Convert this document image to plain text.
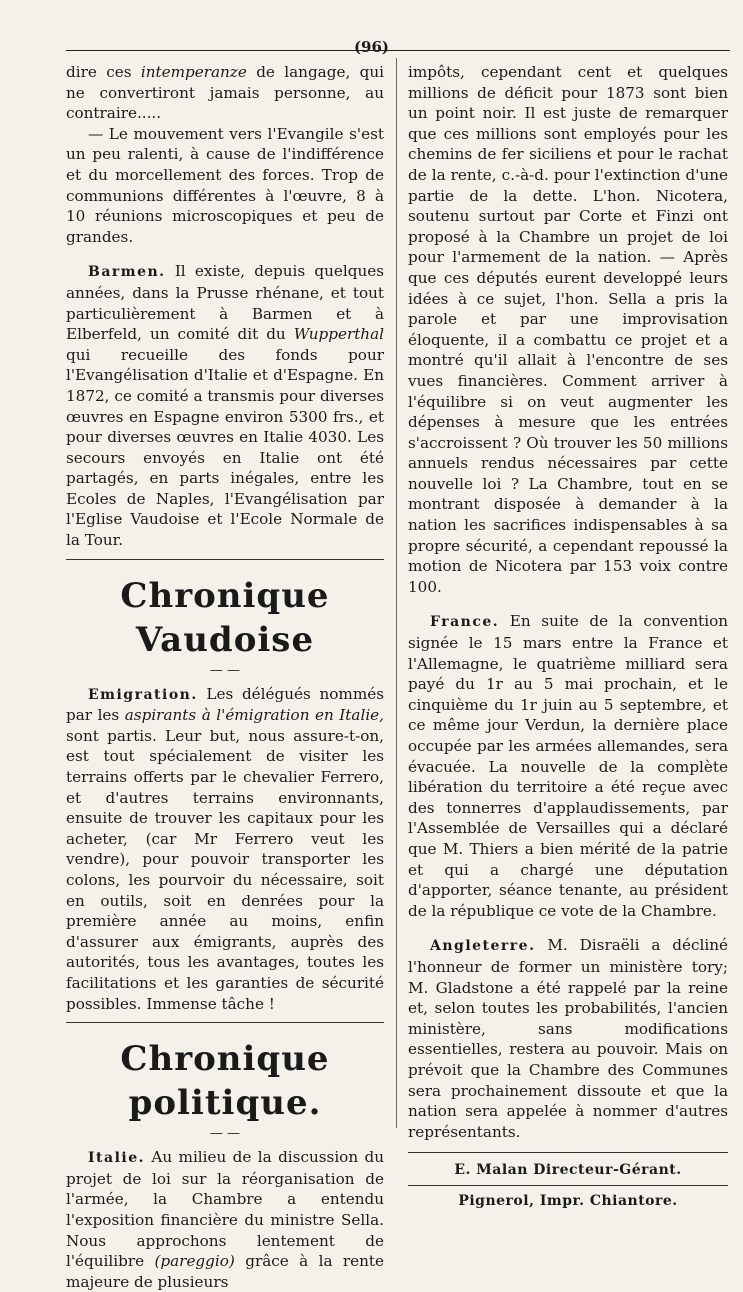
(96)

dire ces intemperanze de langage, qui ne convertiront jamais personne, au contraire.....

— Le mouvement vers l'Evangile s'est un peu ralenti, à cause de l'indifférence et du morcellement des forces. Trop de communions différentes à l'œuvre, 8 à 10 réunions microscopiques et peu de grandes.

Barmen. Il existe, depuis quelques années, dans la Prusse rhénane, et tout particulièrement à Barmen et à Elberfeld, un comité dit du Wupperthal qui recueille des fonds pour l'Evangélisation d'Italie et d'Espagne. En 1872, ce comité a transmis pour diverses œuvres en Espagne environ 5300 frs., et pour diverses œuvres en Italie 4030. Les secours envoyés en Italie ont été partagés, en parts inégales, entre les Ecoles de Naples, l'Evangélisation par l'Eglise Vaudoise et l'Ecole Normale de la Tour.

Chronique Vaudoise
— —

Emigration. Les délégués nommés par les aspirants à l'émigration en Italie, sont partis. Leur but, nous assure-t-on, est tout spécialement de visiter les terrains offerts par le chevalier Ferrero, et d'autres terrains environnants, ensuite de trouver les capitaux pour les acheter, (car Mr Ferrero veut les vendre), pour pouvoir transporter les colons, les pourvoir du nécessaire, soit en outils, soit en denrées pour la première année au moins, enfin d'assurer aux émigrants, auprès des autorités, tous les avantages, toutes les facilitations et les garanties de sécurité possibles. Immense tâche !

Chronique politique.
— —

Italie. Au milieu de la discussion du projet de loi sur la réorganisation de l'armée, la Chambre a entendu l'exposition financière du ministre Sella. Nous approchons lentement de l'équilibre (pareggio) grâce à la rente majeure de plusieurs

impôts, cependant cent et quelques millions de déficit pour 1873 sont bien un point noir. Il est juste de remarquer que ces millions sont employés pour les chemins de fer siciliens et pour le rachat de la rente, c.-à-d. pour l'extinction d'une partie de la dette. L'hon. Nicotera, soutenu surtout par Corte et Finzi ont proposé à la Chambre un projet de loi pour l'armement de la nation. — Après que ces députés eurent developpé leurs idées à ce sujet, l'hon. Sella a pris la parole et par une improvisation éloquente, il a combattu ce projet et a montré qu'il allait à l'encontre de ses vues financières. Comment arriver à l'équilibre si on veut augmenter les dépenses à mesure que les entrées s'accroissent ? Où trouver les 50 millions annuels rendus nécessaires par cette nouvelle loi ? La Chambre, tout en se montrant disposée à demander à la nation les sacrifices indispensables à sa propre sécurité, a cependant repoussé la motion de Nicotera par 153 voix contre 100.

France. En suite de la convention signée le 15 mars entre la France et l'Allemagne, le quatrième milliard sera payé du 1r au 5 mai prochain, et le cinquième du 1r juin au 5 septembre, et ce même jour Verdun, la dernière place occupée par les armées allemandes, sera évacuée. La nouvelle de la complète libération du territoire a été reçue avec des tonnerres d'applaudissements, par l'Assemblée de Versailles qui a déclaré que M. Thiers a bien mérité de la patrie et qui a chargé une députation d'apporter, séance tenante, au président de la république ce vote de la Chambre.

Angleterre. M. Disraëli a décliné l'honneur de former un ministère tory; M. Gladstone a été rappelé par la reine et, selon toutes les probabilités, l'ancien ministère, sans modifications essentielles, restera au pouvoir. Mais on prévoit que la Chambre des Communes sera prochainement dissoute et que la nation sera appelée à nommer d'autres représentants.

E. Malan Directeur-Gérant.
Pignerol, Impr. Chiantore.
